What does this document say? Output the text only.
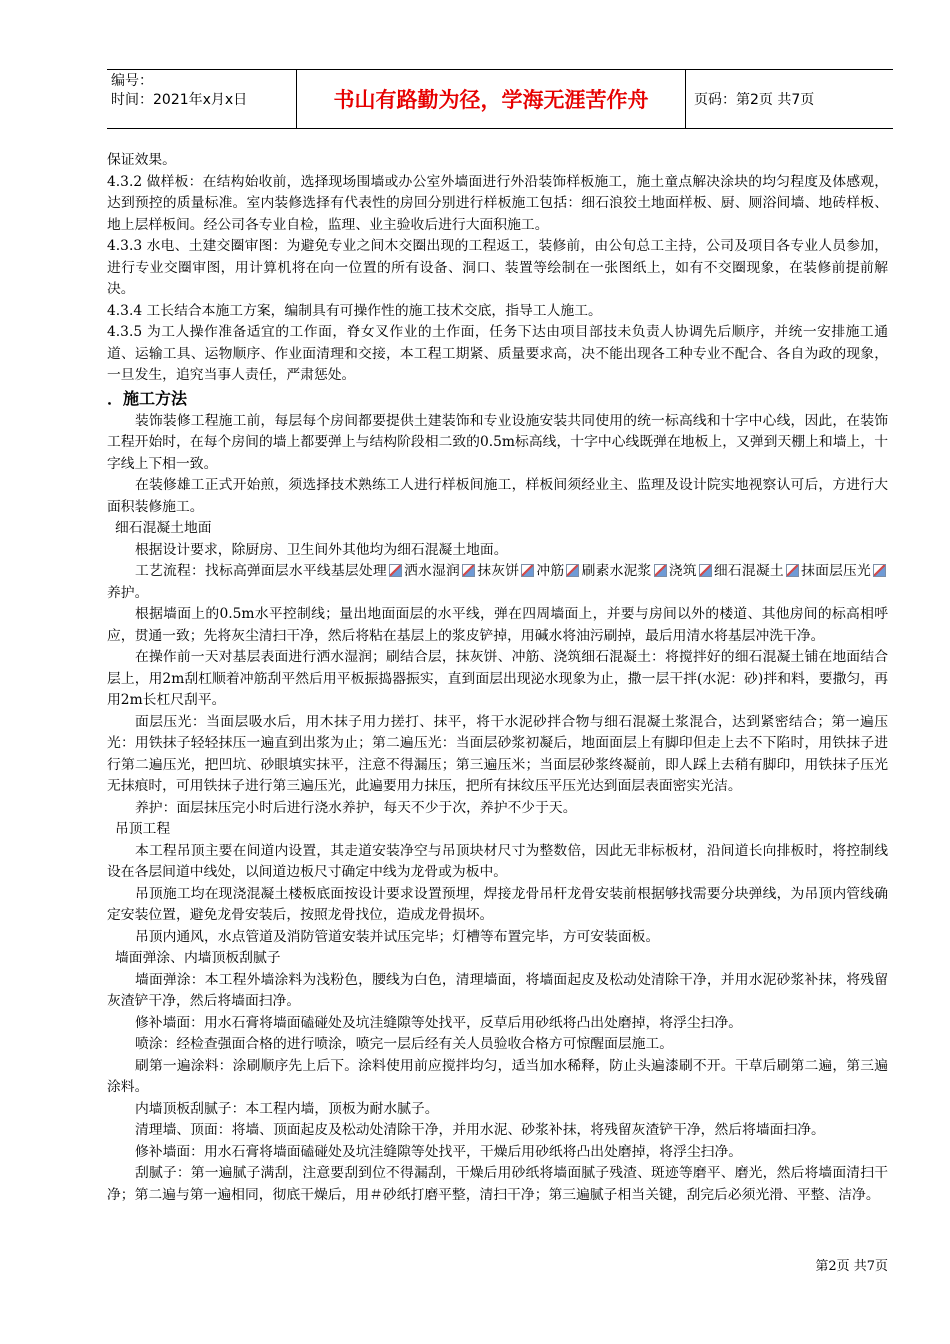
编号：
时间：2021年x月x日	书山有路勤为径，学海无涯苦作舟	页码：第2页 共7页

保证效果。

4.3.2 做样板：在结构始收前，选择现场围墙或办公室外墙面进行外沿装饰样板施工，施土童点解决涂块的均匀程度及体感观，达到预控的质量标准。室内装修选择有代表性的房回分别进行样板施工包括：细石浪狡土地面样板、厨、厕浴间墙、地砖样板、地上层样板间。经公司各专业自检，监理、业主验收后进行大面积施工。

4.3.3 水电、土建交圈审图：为避免专业之间木交圈出现的工程返工，装修前，由公旬总工主持，公司及项目各专业人员参加，进行专业交圈审图，用计算机将在向一位置的所有设备、洞口、装置等绘制在一张图纸上，如有不交圈现象，在装修前提前解决。

4.3.4 工长结合本施工方案，编制具有可操作性的施工技术交底，指导工人施工。

4.3.5 为工人操作准备适宜的工作面，脊女叉作业的土作面，任务下达由项目部技未负责人协调先后顺序，并统一安排施工通道、运输工具、运物顺序、作业面清理和交接，本工程工期紧、质量要求高，决不能出现各工种专业不配合、各自为政的现象，一旦发生，追究当事人责任，严肃惩处。

．施工方法

装饰装修工程施工前，每层每个房间都要提供土建装饰和专业设施安装共同使用的统一标高线和十字中心线，因此，在装饰工程开始时，在每个房间的墙上都要弹上与结构阶段相二致的0.5m标高线，十字中心线既弹在地板上，又弹到天棚上和墙上，十字线上下相一致。

在装修雄工正式开始煎，须选择技术熟练工人进行样板间施工，样板间须经业主、监理及设计院实地视察认可后，方进行大面积装修施工。

细石混凝土地面

根据设计要求，除厨房、卫生间外其他均为细石混凝土地面。

工艺流程：找标高弹面层水平线基层处理 洒水湿润 抹灰饼 冲筋 刷素水泥浆 浇筑 细石混凝土 抹面层压光养护。

根据墙面上的0.5m水平控制线；量出地面面层的水平线，弹在四周墙面上，并要与房间以外的楼道、其他房间的标高相呼应，贯通一致；先将灰尘清扫干净，然后将粘在基层上的浆皮铲掉，用碱水将油污刷掉，最后用清水将基层冲洗干净。

在操作前一天对基层表面进行洒水湿润；刷结合层，抹灰饼、冲筋、浇筑细石混凝土：将搅拌好的细石混凝土铺在地面结合层上，用2m刮杠顺着冲筋刮平然后用平板振捣器振实，直到面层出现泌水现象为止，撒一层干拌(水泥：砂)拌和料，要撒匀，再用2m长杠尺刮平。

面层压光：当面层吸水后，用木抹子用力搓打、抹平，将干水泥砂拌合物与细石混凝土浆混合，达到紧密结合；第一遍压光：用铁抹子轻轻抹压一遍直到出浆为止；第二遍压光：当面层砂浆初凝后，地面面层上有脚印但走上去不下陷时，用铁抹子进行第二遍压光，把凹坑、砂眼填实抹平，注意不得漏压；第三遍压米；当面层砂浆终凝前，即人踩上去稍有脚印，用铁抹子压光无抹痕时，可用铁抹子进行第三遍压光，此遍要用力抹压，把所有抹纹压平压光达到面层表面密实光洁。

养护：面层抹压完小时后进行浇水养护，每天不少于次，养护不少于天。

吊顶工程

本工程吊顶主要在间道内设置，其走道安装净空与吊顶块材尺寸为整数倍，因此无非标板材，沿间道长向排板时，将控制线设在各层间道中线处，以间道边板尺寸确定中线为龙骨或为板中。

吊顶施工均在现浇混凝土楼板底面按设计要求设置预埋，焊接龙骨吊杆龙骨安装前根据够找需要分块弹线，为吊顶内管线确定安装位置，避免龙骨安装后，按照龙骨找位，造成龙骨损坏。

吊顶内通风，水点管道及消防管道安装并试压完毕；灯槽等布置完毕，方可安装面板。

墙面弹涂、内墙顶板刮腻子

墙面弹涂：本工程外墙涂料为浅粉色，腰线为白色，清理墙面，将墙面起皮及松动处清除干净，并用水泥砂浆补抹，将残留灰渣铲干净，然后将墙面扫净。

修补墙面：用水石膏将墙面磕碰处及坑洼缝隙等处找平，反草后用砂纸将凸出处磨掉，将浮尘扫净。

喷涂：经检查强面合格的进行喷涂，喷完一层后经有关人员验收合格方可惊醒面层施工。

刷第一遍涂料：涂刷顺序先上后下。涂料使用前应搅拌均匀，适当加水稀释，防止头遍漆刷不开。干草后刷第二遍，第三遍涂料。

内墙顶板刮腻子：本工程内墙，顶板为耐水腻子。

清理墙、顶面：将墙、顶面起皮及松动处清除干净，并用水泥、砂浆补抹，将残留灰渣铲干净，然后将墙面扫净。

修补墙面：用水石膏将墙面磕碰处及坑洼缝隙等处找平，干燥后用砂纸将凸出处磨掉，将浮尘扫净。

刮腻子：第一遍腻子满刮，注意要刮到位不得漏刮，干燥后用砂纸将墙面腻子残渣、斑迹等磨平、磨光，然后将墙面清扫干净；第二遍与第一遍相同，彻底干燥后，用＃砂纸打磨平整，清扫干净；第三遍腻子相当关键，刮完后必须光滑、平整、洁净。

第2页 共7页
